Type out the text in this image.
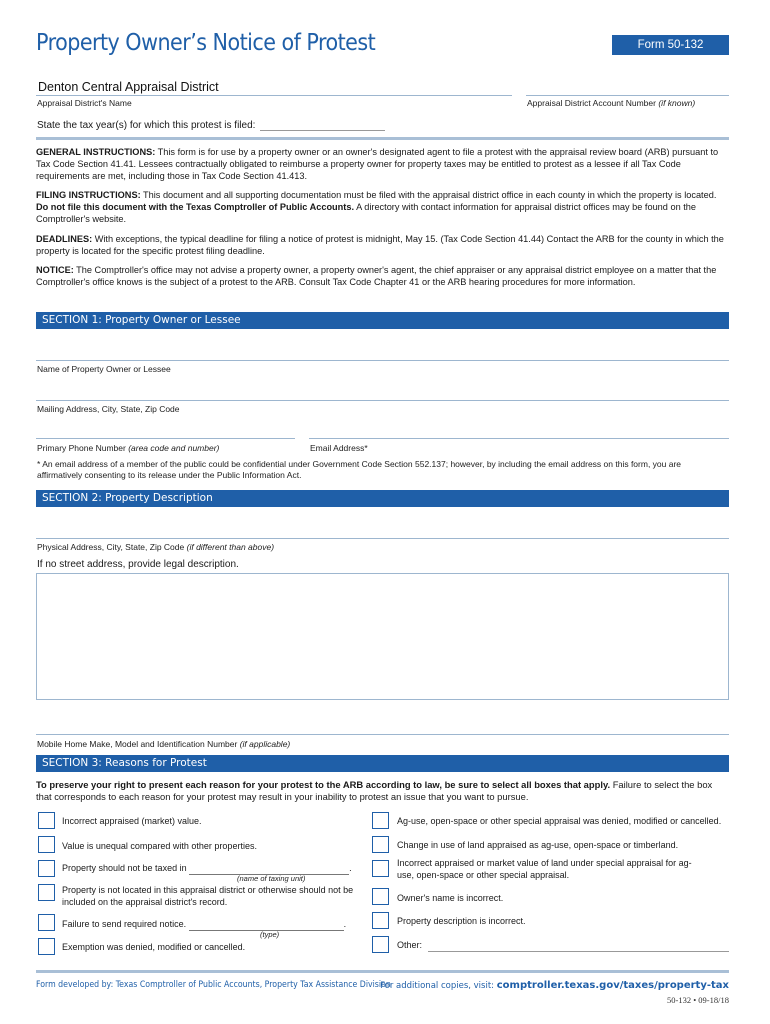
Property Owner’s Notice of Protest	Form 50-132
Denton Central Appraisal District
Appraisal District's Name	Appraisal District Account Number (if known)
State the tax year(s) for which this protest is filed:
GENERAL INSTRUCTIONS: This form is for use by a property owner or an owner's designated agent to file a protest with the appraisal review board (ARB) pursuant to Tax Code Section 41.41. Lessees contractually obligated to reimburse a property owner for property taxes may be entitled to protest as a lessee if all Tax Code requirements are met, including those in Tax Code Section 41.413.
FILING INSTRUCTIONS: This document and all supporting documentation must be filed with the appraisal district office in each county in which the property is located. Do not file this document with the Texas Comptroller of Public Accounts. A directory with contact information for appraisal district offices may be found on the Comptroller's website.
DEADLINES: With exceptions, the typical deadline for filing a notice of protest is midnight, May 15. (Tax Code Section 41.44) Contact the ARB for the county in which the property is located for the specific protest filing deadline.
NOTICE: The Comptroller's office may not advise a property owner, a property owner's agent, the chief appraiser or any appraisal district employee on a matter that the Comptroller's office knows is the subject of a protest to the ARB. Consult Tax Code Chapter 41 or the ARB hearing procedures for more information.
SECTION 1: Property Owner or Lessee
Name of Property Owner or Lessee
Mailing Address, City, State, Zip Code
Primary Phone Number (area code and number)	Email Address*
* An email address of a member of the public could be confidential under Government Code Section 552.137; however, by including the email address on this form, you are affirmatively consenting to its release under the Public Information Act.
SECTION 2: Property Description
Physical Address, City, State, Zip Code (if different than above)
If no street address, provide legal description.
Mobile Home Make, Model and Identification Number (if applicable)
SECTION 3: Reasons for Protest
To preserve your right to present each reason for your protest to the ARB according to law, be sure to select all boxes that apply. Failure to select the box that corresponds to each reason for your protest may result in your inability to protest an issue that you want to pursue.
Incorrect appraised (market) value.
Value is unequal compared with other properties.
Property should not be taxed in	.
(name of taxing unit)
Property is not located in this appraisal district or otherwise should not be included on the appraisal district's record.
Failure to send required notice.	.
(type)
Exemption was denied, modified or cancelled.
Ag-use, open-space or other special appraisal was denied, modified or cancelled.
Change in use of land appraised as ag-use, open-space or timberland.
Incorrect appraised or market value of land under special appraisal for ag-use, open-space or other special appraisal.
Owner's name is incorrect.
Property description is incorrect.
Other:
Form developed by: Texas Comptroller of Public Accounts, Property Tax Assistance Division
For additional copies, visit: comptroller.texas.gov/taxes/property-tax
50-132 • 09-18/18
